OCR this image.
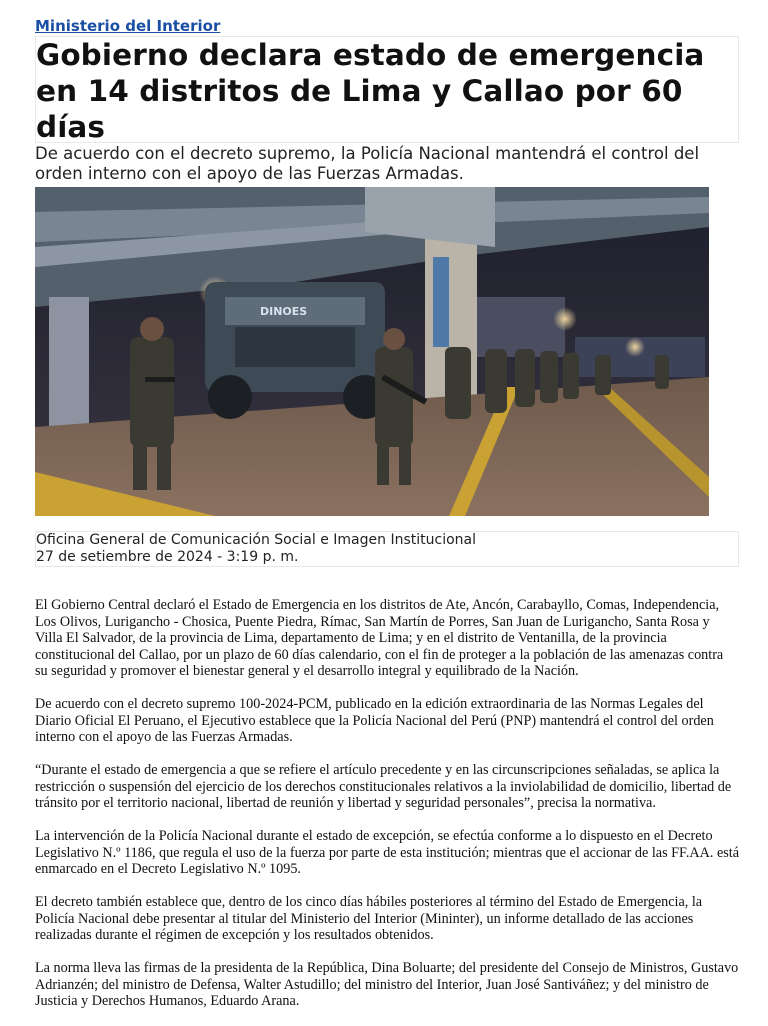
Ministerio del Interior
Gobierno declara estado de emergencia en 14 distritos de Lima y Callao por 60 días

De acuerdo con el decreto supremo, la Policía Nacional mantendrá el control del orden interno con el apoyo de las Fuerzas Armadas.

DINOES
Oficina General de Comunicación Social e Imagen Institucional
27 de setiembre de 2024 - 3:19 p. m.

El Gobierno Central declaró el Estado de Emergencia en los distritos de Ate, Ancón, Carabayllo, Comas, Independencia, Los Olivos, Lurigancho - Chosica, Puente Piedra, Rímac, San Martín de Porres, San Juan de Lurigancho, Santa Rosa y Villa El Salvador, de la provincia de Lima, departamento de Lima; y en el distrito de Ventanilla, de la provincia constitucional del Callao, por un plazo de 60 días calendario, con el fin de proteger a la población de las amenazas contra su seguridad y promover el bienestar general y el desarrollo integral y equilibrado de la Nación.

De acuerdo con el decreto supremo 100-2024-PCM, publicado en la edición extraordinaria de las Normas Legales del Diario Oficial El Peruano, el Ejecutivo establece que la Policía Nacional del Perú (PNP) mantendrá el control del orden interno con el apoyo de las Fuerzas Armadas.

“Durante el estado de emergencia a que se refiere el artículo precedente y en las circunscripciones señaladas, se aplica la restricción o suspensión del ejercicio de los derechos constitucionales relativos a la inviolabilidad de domicilio, libertad de tránsito por el territorio nacional, libertad de reunión y libertad y seguridad personales”, precisa la normativa.

La intervención de la Policía Nacional durante el estado de excepción, se efectúa conforme a lo dispuesto en el Decreto Legislativo N.º 1186, que regula el uso de la fuerza por parte de esta institución; mientras que el accionar de las FF.AA. está enmarcado en el Decreto Legislativo N.º 1095.

El decreto también establece que, dentro de los cinco días hábiles posteriores al término del Estado de Emergencia, la Policía Nacional debe presentar al titular del Ministerio del Interior (Mininter), un informe detallado de las acciones realizadas durante el régimen de excepción y los resultados obtenidos.

La norma lleva las firmas de la presidenta de la República, Dina Boluarte; del presidente del Consejo de Ministros, Gustavo Adrianzén; del ministro de Defensa, Walter Astudillo; del ministro del Interior, Juan José Santiváñez; y del ministro de Justicia y Derechos Humanos, Eduardo Arana.
